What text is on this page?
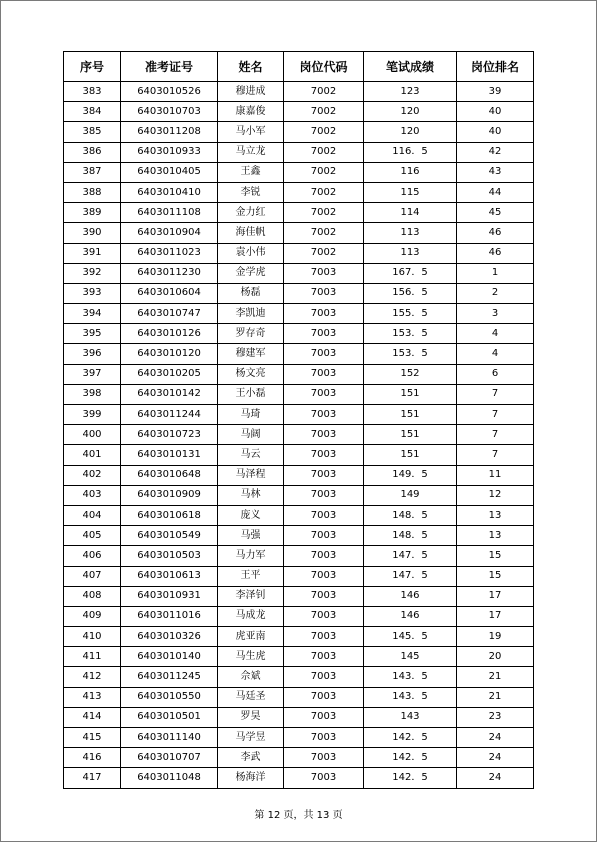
序号	准考证号	姓名	岗位代码	笔试成绩	岗位排名
383	6403010526	穆进成	7002	123	39
384	6403010703	康嘉俊	7002	120	40
385	6403011208	马小军	7002	120	40
386	6403010933	马立龙	7002	116．5	42
387	6403010405	王鑫	7002	116	43
388	6403010410	李锐	7002	115	44
389	6403011108	金力红	7002	114	45
390	6403010904	海佳帆	7002	113	46
391	6403011023	袁小伟	7002	113	46
392	6403011230	金学虎	7003	167．5	1
393	6403010604	杨磊	7003	156．5	2
394	6403010747	李凯迪	7003	155．5	3
395	6403010126	罗存奇	7003	153．5	4
396	6403010120	穆建军	7003	153．5	4
397	6403010205	杨文亮	7003	152	6
398	6403010142	王小磊	7003	151	7
399	6403011244	马琦	7003	151	7
400	6403010723	马阔	7003	151	7
401	6403010131	马云	7003	151	7
402	6403010648	马泽程	7003	149．5	11
403	6403010909	马林	7003	149	12
404	6403010618	庞义	7003	148．5	13
405	6403010549	马强	7003	148．5	13
406	6403010503	马力军	7003	147．5	15
407	6403010613	王平	7003	147．5	15
408	6403010931	李泽钊	7003	146	17
409	6403011016	马成龙	7003	146	17
410	6403010326	虎亚南	7003	145．5	19
411	6403010140	马生虎	7003	145	20
412	6403011245	佘斌	7003	143．5	21
413	6403010550	马廷圣	7003	143．5	21
414	6403010501	罗昊	7003	143	23
415	6403011140	马学昱	7003	142．5	24
416	6403010707	李武	7003	142．5	24
417	6403011048	杨海洋	7003	142．5	24
第 12 页，共 13 页
